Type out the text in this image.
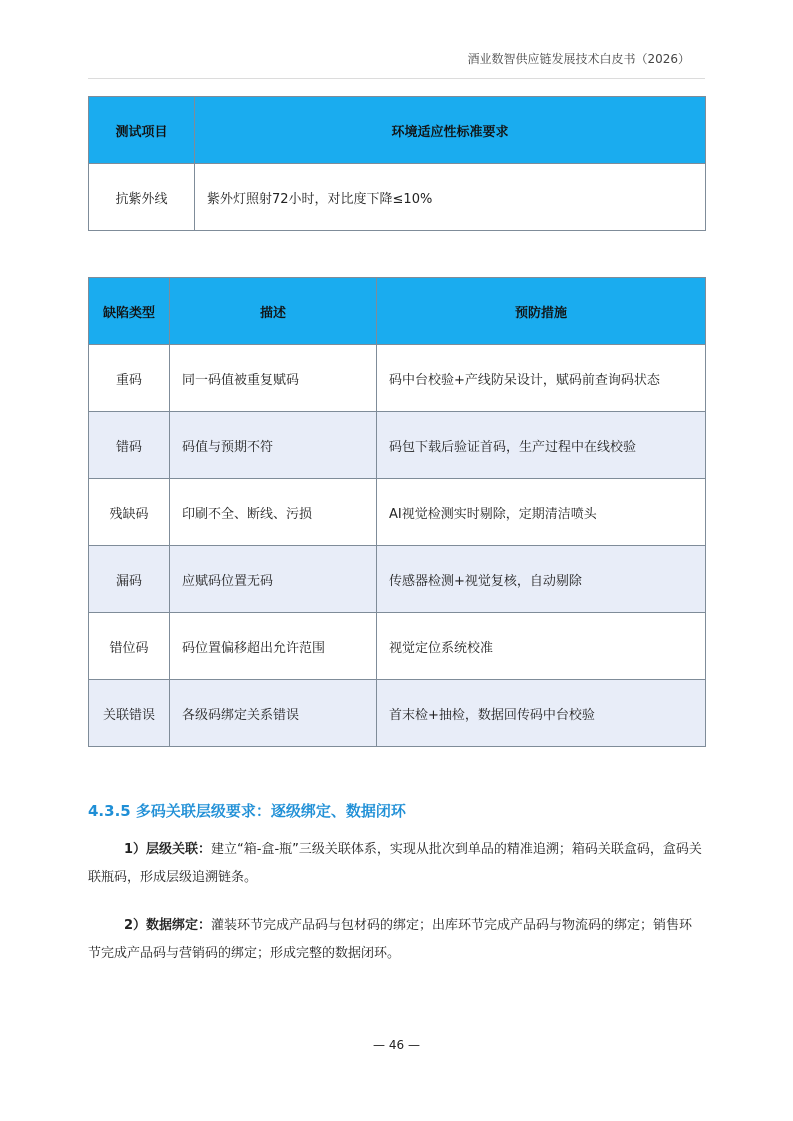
酒业数智供应链发展技术白皮书（2026）
测试项目	环境适应性标准要求
抗紫外线	紫外灯照射72小时，对比度下降≤10%
缺陷类型	描述	预防措施
重码	同一码值被重复赋码	码中台校验+产线防呆设计，赋码前查询码状态
错码	码值与预期不符	码包下载后验证首码，生产过程中在线校验
残缺码	印刷不全、断线、污损	AI视觉检测实时剔除，定期清洁喷头
漏码	应赋码位置无码	传感器检测+视觉复核，自动剔除
错位码	码位置偏移超出允许范围	视觉定位系统校准
关联错误	各级码绑定关系错误	首末检+抽检，数据回传码中台校验
4.3.5 多码关联层级要求：逐级绑定、数据闭环
1）层级关联：建立“箱-盒-瓶”三级关联体系，实现从批次到单品的精准追溯；箱码关联盒码，盒码关联瓶码，形成层级追溯链条。
2）数据绑定：灌装环节完成产品码与包材码的绑定；出库环节完成产品码与物流码的绑定；销售环节完成产品码与营销码的绑定；形成完整的数据闭环。
— 46 —
